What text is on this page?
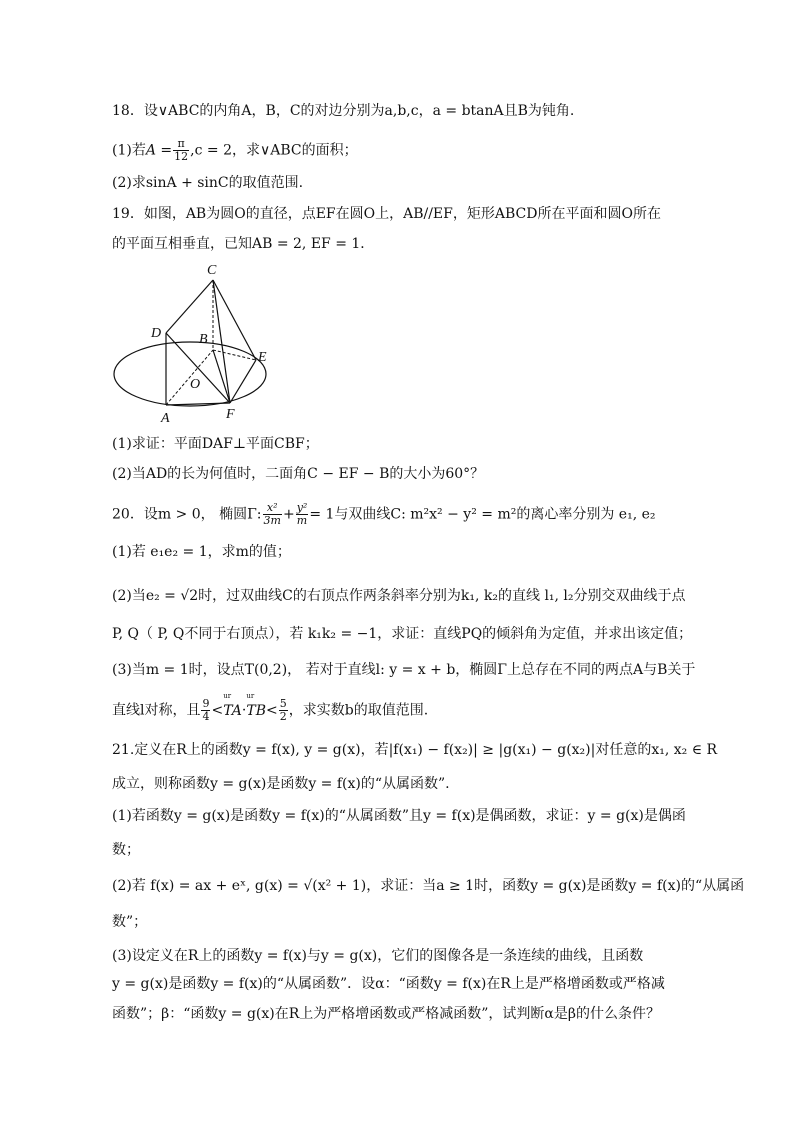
18．设∨ABC的内角A，B，C的对边分别为a,b,c，a = btanA且B为钝角.
(1)若$A = \frac{\pi}{12} ,c = 2$，求∨ABC的面积；
(2)求sinA + sinC的取值范围.
19．如图，AB为圆O的直径，点EF在圆O上，AB//EF，矩形ABCD所在平面和圆O所在
的平面互相垂直，已知AB = 2, EF = 1．
C
D	B
E
O
A	F
(1)求证：平面DAF⊥平面CBF；
(2)当AD的长为何值时，二面角C − EF − B的大小为60°？
20．设m > 0， 椭圆Γ: $\frac{\text{x²}}{3m} + \frac{\text{y²}}{m} = 1$与双曲线C: m²x² − y² = m²的离心率分别为 e₁, e₂
(1)若 e₁e₂ = 1，求m的值；
(2)当e₂ = √2时，过双曲线C的右顶点作两条斜率分别为k₁, k₂的直线 l₁, l₂分别交双曲线于点
P, Q（ P, Q不同于右顶点），若 k₁k₂ = −1，求证：直线PQ的倾斜角为定值，并求出该定值；
(3)当m = 1时，设点T(0,2)， 若对于直线l: y = x + b，椭圆Γ上总存在不同的两点A与B关于
直线l对称，且 $\frac{9}{4}$ <
ur
TA·
ur
$TB< \frac{5}{2}$ ，求实数b的取值范围.
21.定义在R上的函数y = f(x), y = g(x)，若|f(x₁) − f(x₂)| ≥ |g(x₁) − g(x₂)|对任意的x₁, x₂ ∈ R
成立，则称函数y = g(x)是函数y = f(x)的“从属函数”.
(1)若函数y = g(x)是函数y = f(x)的“从属函数”且y = f(x)是偶函数，求证：y = g(x)是偶函
数；
(2)若 f(x) = ax + eˣ, g(x) = √(x² + 1)，求证：当a ≥ 1时，函数y = g(x)是函数y = f(x)的“从属函
数”；
(3)设定义在R上的函数y = f(x)与y = g(x)，它们的图像各是一条连续的曲线，且函数
y = g(x)是函数y = f(x)的“从属函数”．设α：“函数y = f(x)在R上是严格增函数或严格减
函数”；β：“函数y = g(x)在R上为严格增函数或严格减函数”，试判断α是β的什么条件？
